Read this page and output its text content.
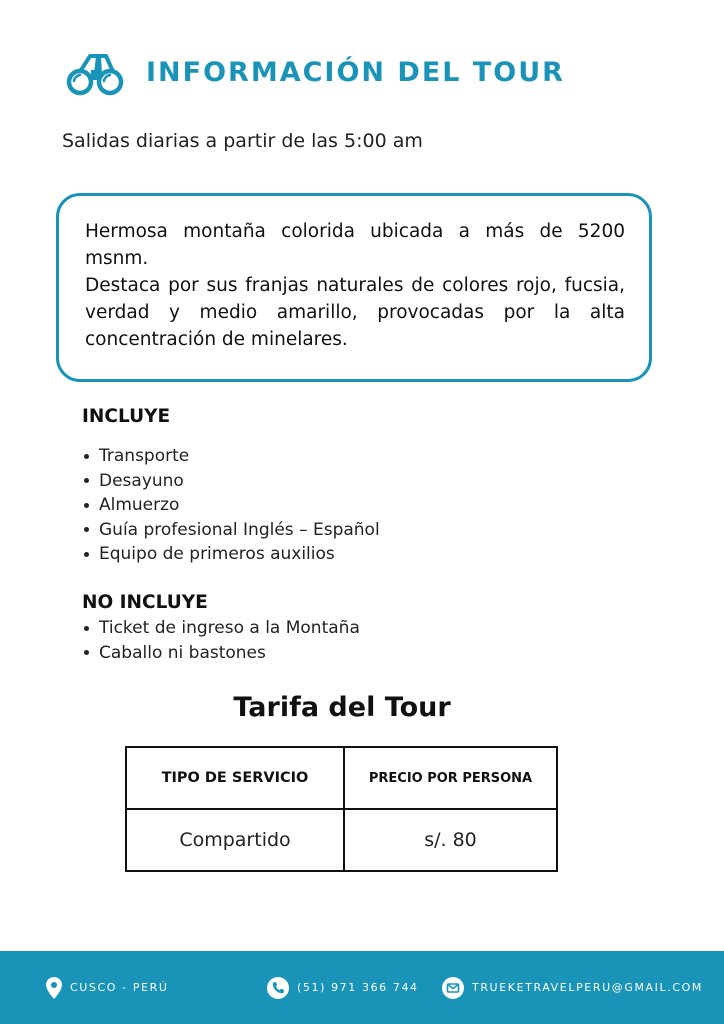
INFORMACIÓN DEL TOUR
Salidas diarias a partir de las 5:00 am

Hermosa montaña colorida ubicada a más de 5200 msnm.

Destaca por sus franjas naturales de colores rojo, fucsia, verdad y medio amarillo, provocadas por la alta concentración de minelares.

INCLUYE
Transporte
Desayuno
Almuerzo
Guía profesional Inglés – Español
Equipo de primeros auxilios
NO INCLUYE
Ticket de ingreso a la Montaña
Caballo ni bastones
Tarifa del Tour
TIPO DE SERVICIO	PRECIO POR PERSONA
Compartido	s/. 80
CUSCO - PERÚ	(51) 971 366 744	TRUEKETRAVELPERU@GMAIL.COM
